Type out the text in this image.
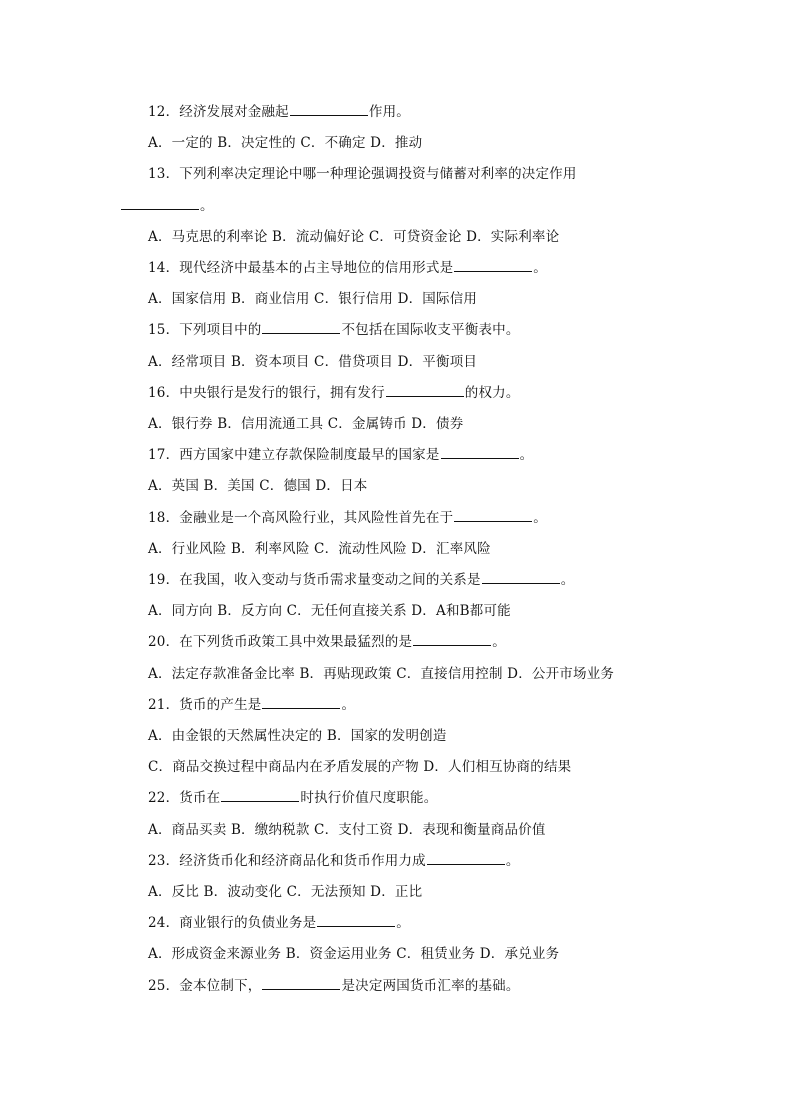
12．经济发展对金融起	作用。
A．一定的 B．决定性的 C．不确定 D．推动
13．下列利率决定理论中哪一种理论强调投资与储蓄对利率的决定作用
。
A．马克思的利率论 B．流动偏好论 C．可贷资金论 D．实际利率论
14．现代经济中最基本的占主导地位的信用形式是	。
A．国家信用 B．商业信用 C．银行信用 D．国际信用
15．下列项目中的	不包括在国际收支平衡表中。
A．经常项目 B．资本项目 C．借贷项目 D．平衡项目
16．中央银行是发行的银行，拥有发行	的权力。
A．银行券 B．信用流通工具 C．金属铸币 D．债券
17．西方国家中建立存款保险制度最早的国家是	。
A．英国 B．美国 C．德国 D．日本
18．金融业是一个高风险行业，其风险性首先在于	。
A．行业风险 B．利率风险 C．流动性风险 D．汇率风险
19．在我国，收入变动与货币需求量变动之间的关系是	。
A．同方向 B．反方向 C．无任何直接关系 D．A和B都可能
20．在下列货币政策工具中效果最猛烈的是	。
A．法定存款准备金比率 B．再贴现政策 C．直接信用控制 D．公开市场业务
21．货币的产生是	。
A．由金银的天然属性决定的 B．国家的发明创造
C．商品交换过程中商品内在矛盾发展的产物 D．人们相互协商的结果
22．货币在	时执行价值尺度职能。
A．商品买卖 B．缴纳税款 C．支付工资 D．表现和衡量商品价值
23．经济货币化和经济商品化和货币作用力成	。
A．反比 B．波动变化 C．无法预知 D．正比
24．商业银行的负债业务是	。
A．形成资金来源业务 B．资金运用业务 C．租赁业务 D．承兑业务
25．金本位制下，	是决定两国货币汇率的基础。
